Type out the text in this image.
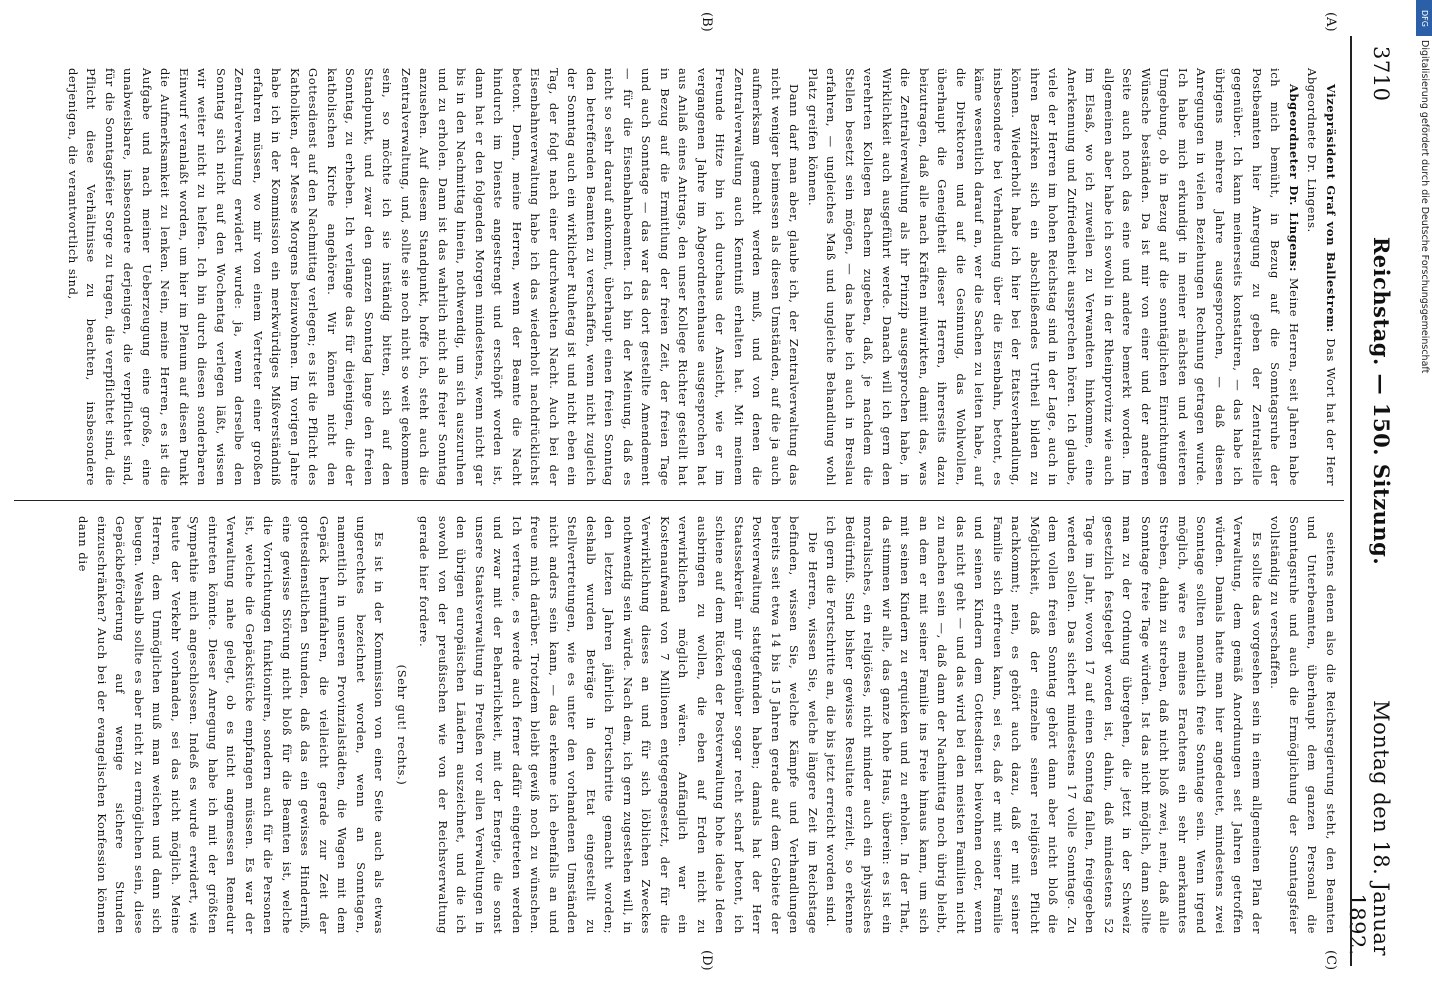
3710
Reichstag. — 150. Sitzung.
Montag den 18. Januar 1892.
(A)
(B)
(C)
(D)

Vizepräsident Graf von Ballestrem: Das Wort hat der Herr Abgeordnete Dr. Lingens.

Abgeordneter Dr. Lingens: Meine Herren, seit Jahren habe ich mich bemüht, in Bezug auf die Sonntagsruhe der Postbeamten hier Anregung zu geben der Zentralstelle gegenüber. Ich kann meinerseits konstatiren, — das habe ich übrigens mehrere Jahre ausgesprochen, — daß diesen Anregungen in vielen Beziehungen Rechnung getragen wurde. Ich habe mich erkundigt in meiner nächsten und weiteren Umgebung, ob in Bezug auf die sonntäglichen Einrichtungen Wünsche beständen. Da ist mir von einer und der anderen Seite auch noch das eine und andere bemerkt worden. Im allgemeinen aber habe ich sowohl in der Rheinprovinz wie auch im Elsaß, wo ich zuweilen zu Verwandten hinkomme, eine Anerkennung und Zufriedenheit aussprechen hören. Ich glaube, viele der Herren im hohen Reichstag sind in der Lage, auch in ihren Bezirken sich ein abschließendes Urtheil bilden zu können. Wiederholt habe ich hier bei der Etatsverhandlung, insbesondere bei Verhandlung über die Eisenbahn, betont, es käme wesentlich darauf an, wer die Sachen zu leiten habe, auf die Direktoren und auf die Gesinnung, das Wohlwollen, überhaupt die Geneigtheit dieser Herren, ihrerseits dazu beizutragen, daß alle nach Kräften mitwirkten, damit das, was die Zentralverwaltung als ihr Prinzip ausgesprochen habe, in Wirklichkeit auch ausgeführt werde. Danach will ich gern den verehrten Kollegen Bachem zugeben, daß, je nachdem die Stellen besetzt sein mögen, — das habe ich auch in Breslau erfahren, — ungleiches Maß und ungleiche Behandlung wohl Platz greifen können.

Dann darf man aber, glaube ich, der Zentralverwaltung das nicht weniger beimessen als diesen Umständen, auf die ja auch aufmerksam gemacht werden muß, und von denen die Zentralverwaltung auch Kenntniß erhalten hat. Mit meinem Freunde Hitze bin ich durchaus der Ansicht, wie er im vergangenen Jahre im Abgeordnetenhause ausgesprochen hat aus Anlaß eines Antrags, den unser Kollege Richter gestellt hat in Bezug auf die Ermittlung der freien Zeit, der freien Tage und auch Sonntage — das war das dort gestellte Amendement — für die Eisenbahnbeamten. Ich bin der Meinung, daß es nicht so sehr darauf ankommt, überhaupt einen freien Sonntag den betreffenden Beamten zu verschaffen, wenn nicht zugleich der Sonntag auch ein wirklicher Ruhetag ist und nicht eben ein Tag, der folgt nach einer durchwachten Nacht. Auch bei der Eisenbahnverwaltung habe ich das wiederholt nachdrücklichst betont. Denn, meine Herren, wenn der Beamte die Nacht hindurch im Dienste angestrengt und erschöpft worden ist, dann hat er den folgenden Morgen mindestens, wenn nicht gar bis in den Nachmittag hinein, nothwendig, um sich auszuruhen und zu erholen. Dann ist das wahrlich nicht als freier Sonntag anzusehen. Auf diesem Standpunkt, hoffe ich, steht auch die Zentralverwaltung, und, sollte sie noch nicht so weit gekommen sein, so möchte ich sie inständig bitten, sich auf den Standpunkt, und zwar den ganzen Sonntag lange den freien Sonntag, zu erheben. Ich verlange das für diejenigen, die der katholischen Kirche angehören. Wir können nicht den Gottesdienst auf den Nachmittag verlegen; es ist die Pflicht des Katholiken, der Messe Morgens beizuwohnen. Im vorigen Jahre habe ich in der Kommission ein merkwürdiges Mißverständniß erfahren müssen, wo mir von einem Vertreter einer großen Zentralverwaltung erwidert wurde: ja, wenn derselbe den Sonntag sich nicht auf den Wochentag verlegen läßt, wissen wir weiter nicht zu helfen. Ich bin durch diesen sonderbaren Einwurf veranlaßt worden, um hier im Plenum auf diesen Punkt die Aufmerksamkeit zu lenken. Nein, meine Herren, es ist die Aufgabe und nach meiner Ueberzeugung eine große, eine unabweisbare, insbesondere derjenigen, die verpflichtet sind, für die Sonntagsfeier Sorge zu tragen, die verpflichtet sind, die Pflicht diese Verhältnisse zu beachten, insbesondere derjenigen, die verantwortlich sind,

seitens denen also die Reichsregierung steht, den Beamten und Unterbeamten, überhaupt dem ganzen Personal die Sonntagsruhe und auch die Ermöglichung der Sonntagsfeier vollständig zu verschaffen.

Es sollte das vorgesehen sein in einem allgemeinen Plan der Verwaltung, dem gemäß Anordnungen seit Jahren getroffen würden. Damals hatte man hier angedeutet, mindestens zwei Sonntage sollten monatlich freie Sonntage sein. Wenn irgend möglich, wäre es meines Erachtens ein sehr anerkanntes Streben, dahin zu streben, daß nicht bloß zwei, nein, daß alle Sonntage freie Tage würden. Ist das nicht möglich, dann sollte man zu der Ordnung übergehen, die jetzt in der Schweiz gesetzlich festgelegt worden ist, dahin, daß mindestens 52 Tage im Jahr, wovon 17 auf einen Sonntag fallen, freigegeben werden sollen. Das sichert mindestens 17 volle Sonntage. Zu dem vollen freien Sonntag gehört dann aber nicht bloß die Möglichkeit, daß der einzelne seiner religiösen Pflicht nachkommt; nein, es gehört auch dazu, daß er mit seiner Familie sich erfreuen kann, sei es, daß er mit seiner Familie und seinen Kindern dem Gottesdienst beiwohnen oder, wenn das nicht geht — und das wird bei den meisten Familien nicht zu machen sein —, daß dann der Nachmittag noch übrig bleibt, an dem er mit seiner Familie ins Freie hinaus kann, um sich mit seinen Kindern zu erquicken und zu erholen. In der That, da stimmen wir alle, das ganze hohe Haus, überein: es ist ein moralisches, ein religiöses, nicht minder auch ein physisches Bedürfniß. Sind bisher gewisse Resultate erzielt, so erkenne ich gern die Fortschritte an, die bis jetzt erreicht worden sind.

Die Herren, wissen Sie, welche längere Zeit im Reichstage befinden, wissen Sie, welche Kämpfe und Verhandlungen bereits seit etwa 14 bis 15 Jahren gerade auf dem Gebiete der Postverwaltung stattgefunden haben; damals hat der Herr Staatssekretär mir gegenüber sogar recht scharf betont, ich schiene auf dem Rücken der Postverwaltung hohe ideale Ideen ausbringen zu wollen, die eben auf Erden nicht zu verwirklichen möglich wären. Anfänglich war ein Kostenaufwand von 7 Millionen entgegengesetzt, der für die Verwirklichung dieses an und für sich löblichen Zweckes nothwendig sein würde. Nach dem, ich gern zugestehen will, in den letzten Jahren jährlich Fortschritte gemacht worden; deshalb wurden Beträge in den Etat eingestellt zu Stellvertretungen, wie es unter den vorhandenen Umständen nicht anders sein kann, — das erkenne ich ebenfalls an und freue mich darüber. Trotzdem bleibt gewiß noch zu wünschen. Ich vertraue, es werde auch ferner dafür eingetreten werden und zwar mit der Beharrlichkeit, mit der Energie, die sonst unsere Staatsverwaltung in Preußen vor allen Verwaltungen in den übrigen europäischen Ländern auszeichnet, und die ich sowohl von der preußischen wie von der Reichsverwaltung gerade hier fordere.

(Sehr gut! rechts.)

Es ist in der Kommission von einer Seite auch als etwas ungerechtes bezeichnet worden, wenn an Sonntagen, namentlich in unseren Provinzialstädten, die Wagen mit dem Gepäck herumfahren, die vielleicht gerade zur Zeit der gottesdienstlichen Stunden, daß das ein gewisses Hinderniß, eine gewisse Störung nicht bloß für die Beamten ist, welche die Vorrichtungen funktioniren, sondern auch für die Personen ist, welche die Gepäckstücke empfangen müssen. Es war der Verwaltung nahe gelegt, ob es nicht angemessen Remedur eintreten könnte. Dieser Anregung habe ich mit der größten Sympathie mich angeschlossen. Indeß es wurde erwidert, wie heute der Verkehr vorhanden, sei das nicht möglich. Meine Herren, dem Unmöglichen muß man weichen und dann sich beugen. Weshalb sollte es aber nicht zu ermöglichen sein, diese Gepäckbeförderung auf wenige sichere Stunden einzuschränken? Auch bei der evangelischen Konfession können dann die

DFG
Digitalisierung gefördert durch die Deutsche Forschungsgemeinschaft
